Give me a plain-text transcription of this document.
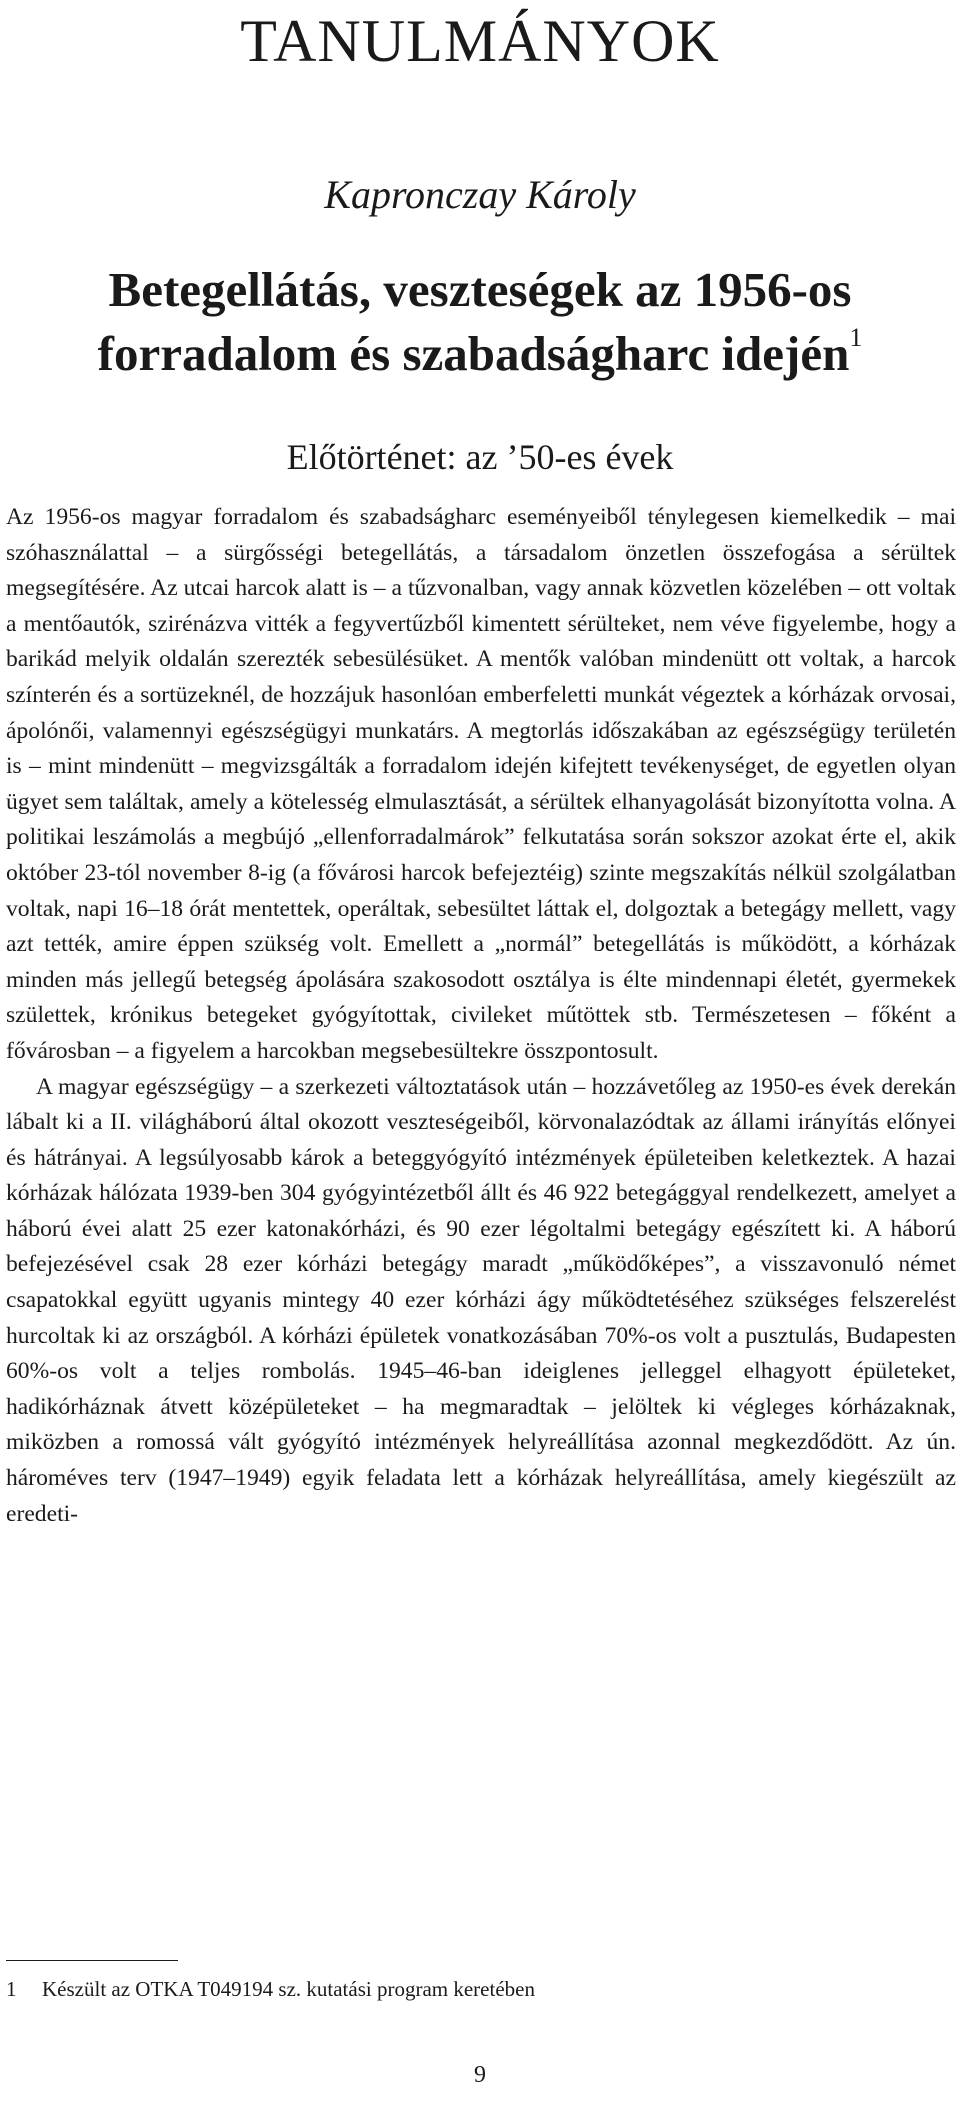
TANULMÁNYOK
Kapronczay Károly
Betegellátás, veszteségek az 1956-os
forradalom és szabadságharc idején$^1$
Előtörténet: az ’50-es évek

Az 1956-os magyar forradalom és szabadságharc eseményeiből ténylegesen kiemelkedik – mai szóhasználattal – a sürgősségi betegellátás, a társadalom önzetlen összefogása a sérültek megsegítésére. Az utcai harcok alatt is – a tűzvonalban, vagy annak közvetlen közelében – ott voltak a mentőautók, szirénázva vitték a fegyvertűzből kimentett sérülteket, nem véve figyelembe, hogy a barikád melyik oldalán szerezték sebesülésüket. A mentők valóban mindenütt ott voltak, a harcok színterén és a sortüzeknél, de hozzájuk hasonlóan emberfeletti munkát végeztek a kórházak orvosai, ápolónői, valamennyi egészségügyi munkatárs. A megtorlás időszakában az egészségügy területén is – mint mindenütt – megvizsgálták a forradalom idején kifejtett tevékenységet, de egyetlen olyan ügyet sem találtak, amely a kötelesség elmulasztását, a sérültek elhanyagolását bizonyította volna. A politikai leszámolás a megbújó „ellenforradalmárok” felkutatása során sokszor azokat érte el, akik október 23-tól november 8-ig (a fővárosi harcok befejeztéig) szinte megszakítás nélkül szolgálatban voltak, napi 16–18 órát mentettek, operáltak, sebesültet láttak el, dolgoztak a betegágy mellett, vagy azt tették, amire éppen szükség volt. Emellett a „normál” betegellátás is működött, a kórházak minden más jellegű betegség ápolására szakosodott osztálya is élte mindennapi életét, gyermekek születtek, krónikus betegeket gyógyítottak, civileket műtöttek stb. Természetesen – főként a fővárosban – a figyelem a harcokban megsebesültekre összpontosult.

A magyar egészségügy – a szerkezeti változtatások után – hozzávetőleg az 1950-es évek derekán lábalt ki a II. világháború által okozott veszteségeiből, körvonalazódtak az állami irányítás előnyei és hátrányai. A legsúlyosabb károk a beteggyógyító intézmények épületeiben keletkeztek. A hazai kórházak hálózata 1939-ben 304 gyógyintézetből állt és 46 922 betegággyal rendelkezett, amelyet a háború évei alatt 25 ezer katonakórházi, és 90 ezer légoltalmi betegágy egészített ki. A háború befejezésével csak 28 ezer kórházi betegágy maradt „működőképes”, a visszavonuló német csapatokkal együtt ugyanis mintegy 40 ezer kórházi ágy működtetéséhez szükséges felszerelést hurcoltak ki az országból. A kórházi épületek vonatkozásában 70%-os volt a pusztulás, Budapesten 60%-os volt a teljes rombolás. 1945–46-ban ideiglenes jelleggel elhagyott épületeket, hadikórháznak átvett középületeket – ha megmaradtak – jelöltek ki végleges kórházaknak, miközben a romossá vált gyógyító intézmények helyreállítása azonnal megkezdődött. Az ún. hároméves terv (1947–1949) egyik feladata lett a kórházak helyreállítása, amely kiegészült az eredeti-

1 Készült az OTKA T049194 sz. kutatási program keretében
9
